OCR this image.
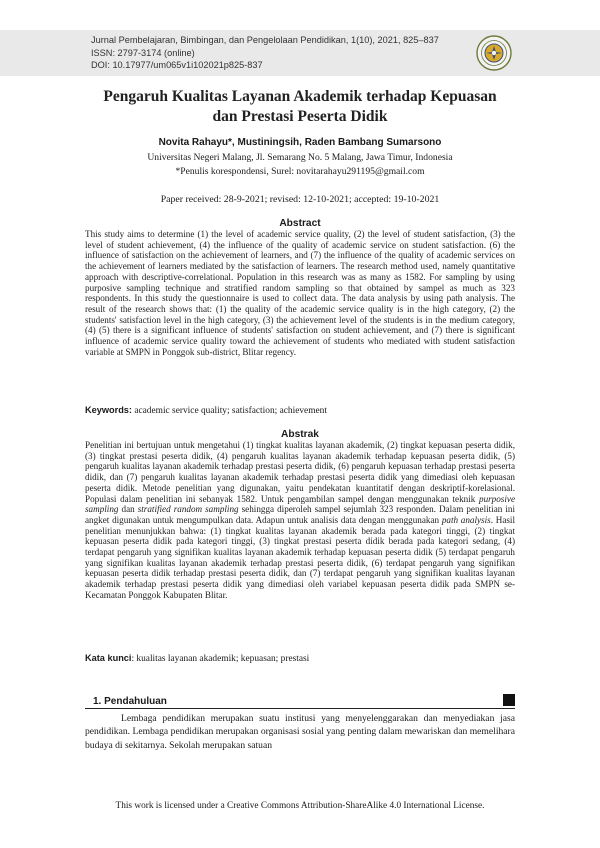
Jurnal Pembelajaran, Bimbingan, dan Pengelolaan Pendidikan, 1(10), 2021, 825–837
ISSN: 2797-3174 (online)
DOI: 10.17977/um065v1i102021p825-837
Pengaruh Kualitas Layanan Akademik terhadap Kepuasan
dan Prestasi Peserta Didik
Novita Rahayu*, Mustiningsih, Raden Bambang Sumarsono
Universitas Negeri Malang, Jl. Semarang No. 5 Malang, Jawa Timur, Indonesia
*Penulis korespondensi, Surel: novitarahayu291195@gmail.com
Paper received: 28-9-2021; revised: 12-10-2021; accepted: 19-10-2021
Abstract
This study aims to determine (1) the level of academic service quality, (2) the level of student satisfaction, (3) the level of student achievement, (4) the influence of the quality of academic service on student satisfaction. (6) the influence of satisfaction on the achievement of learners, and (7) the influence of the quality of academic services on the achievement of learners mediated by the satisfaction of learners. The research method used, namely quantitative approach with descriptive-correlational. Population in this research was as many as 1582. For sampling by using purposive sampling technique and stratified random sampling so that obtained by sampel as much as 323 respondents. In this study the questionnaire is used to collect data. The data analysis by using path analysis. The result of the research shows that: (1) the quality of the academic service quality is in the high category, (2) the students' satisfaction level in the high category, (3) the achievement level of the students is in the medium category, (4) (5) there is a significant influence of students' satisfaction on student achievement, and (7) there is significant influence of academic service quality toward the achievement of students who mediated with student satisfaction variable at SMPN in Ponggok sub-district, Blitar regency.
Keywords: academic service quality; satisfaction; achievement
Abstrak
Penelitian ini bertujuan untuk mengetahui (1) tingkat kualitas layanan akademik, (2) tingkat kepuasan peserta didik, (3) tingkat prestasi peserta didik, (4) pengaruh kualitas layanan akademik terhadap kepuasan peserta didik, (5) pengaruh kualitas layanan akademik terhadap prestasi peserta didik, (6) pengaruh kepuasan terhadap prestasi peserta didik, dan (7) pengaruh kualitas layanan akademik terhadap prestasi peserta didik yang dimediasi oleh kepuasan peserta didik. Metode penelitian yang digunakan, yaitu pendekatan kuantitatif dengan deskriptif-korelasional. Populasi dalam penelitian ini sebanyak 1582. Untuk pengambilan sampel dengan menggunakan teknik purposive sampling dan stratified random sampling sehingga diperoleh sampel sejumlah 323 responden. Dalam penelitian ini angket digunakan untuk mengumpulkan data. Adapun untuk analisis data dengan menggunakan path analysis. Hasil penelitian menunjukkan bahwa: (1) tingkat kualitas layanan akademik berada pada kategori tinggi, (2) tingkat kepuasan peserta didik pada kategori tinggi, (3) tingkat prestasi peserta didik berada pada kategori sedang, (4) terdapat pengaruh yang signifikan kualitas layanan akademik terhadap kepuasan peserta didik (5) terdapat pengaruh yang signifikan kualitas layanan akademik terhadap prestasi peserta didik, (6) terdapat pengaruh yang signifikan kepuasan peserta didik terhadap prestasi peserta didik, dan (7) terdapat pengaruh yang signifikan kualitas layanan akademik terhadap prestasi peserta didik yang dimediasi oleh variabel kepuasan peserta didik pada SMPN se-Kecamatan Ponggok Kabupaten Blitar.
Kata kunci: kualitas layanan akademik; kepuasan; prestasi
1. Pendahuluan
Lembaga pendidikan merupakan suatu institusi yang menyelenggarakan dan menyediakan jasa pendidikan. Lembaga pendidikan merupakan organisasi sosial yang penting dalam mewariskan dan memelihara budaya di sekitarnya. Sekolah merupakan satuan
This work is licensed under a Creative Commons Attribution-ShareAlike 4.0 International License.
